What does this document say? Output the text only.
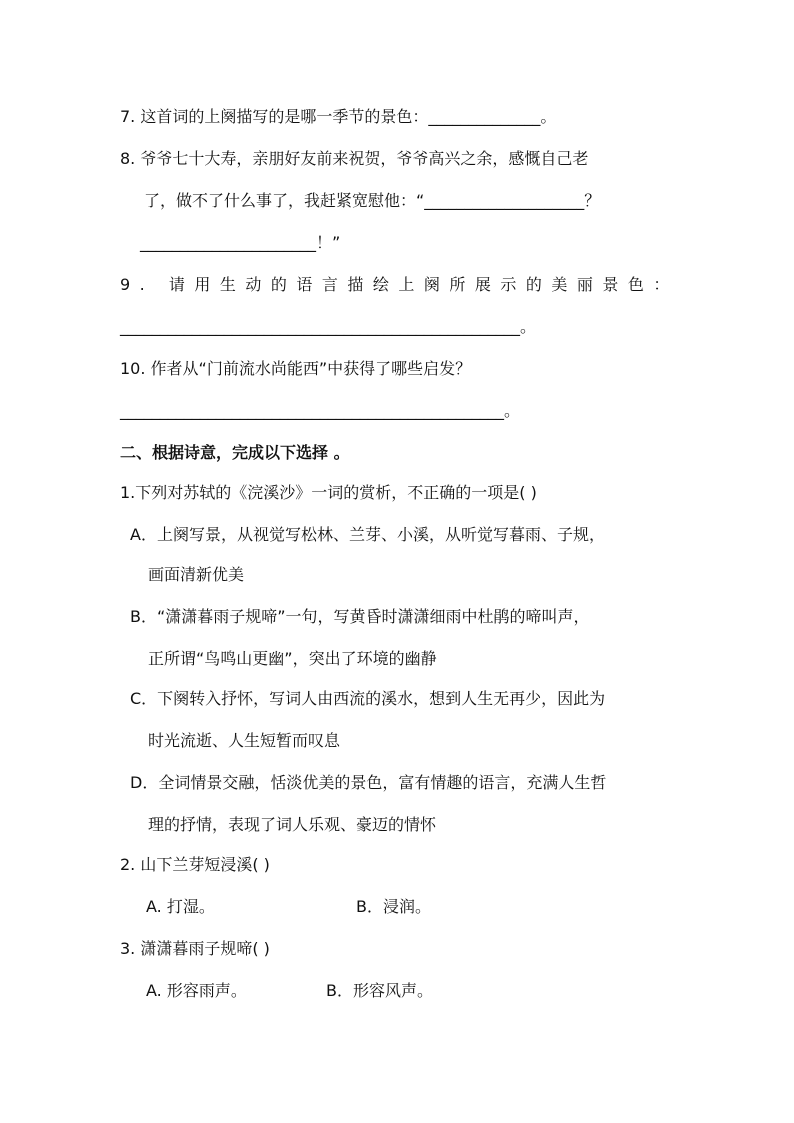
7. 这首词的上阕描写的是哪一季节的景色：______________。
8. 爷爷七十大寿，亲朋好友前来祝贺，爷爷高兴之余，感慨自己老
了，做不了什么事了，我赶紧宽慰他：“____________________？
______________________！”
9. 请用生动的语言描绘上阕所展示的美丽景色：
__________________________________________________。
10. 作者从“门前流水尚能西”中获得了哪些启发？
________________________________________________。
二、根据诗意，完成以下选择 。
1.下列对苏轼的《浣溪沙》一词的赏析，不正确的一项是( )
A．上阕写景，从视觉写松林、兰芽、小溪，从听觉写暮雨、子规，
画面清新优美
B．“潇潇暮雨子规啼”一句，写黄昏时潇潇细雨中杜鹃的啼叫声，
正所谓“鸟鸣山更幽”，突出了环境的幽静
C．下阕转入抒怀，写词人由西流的溪水，想到人生无再少，因此为
时光流逝、人生短暂而叹息
D．全词情景交融，恬淡优美的景色，富有情趣的语言，充满人生哲
理的抒情，表现了词人乐观、豪迈的情怀
2. 山下兰芽短浸溪( )
A. 打湿。	B．浸润。
3. 潇潇暮雨子规啼( )
A. 形容雨声。	B．形容风声。
